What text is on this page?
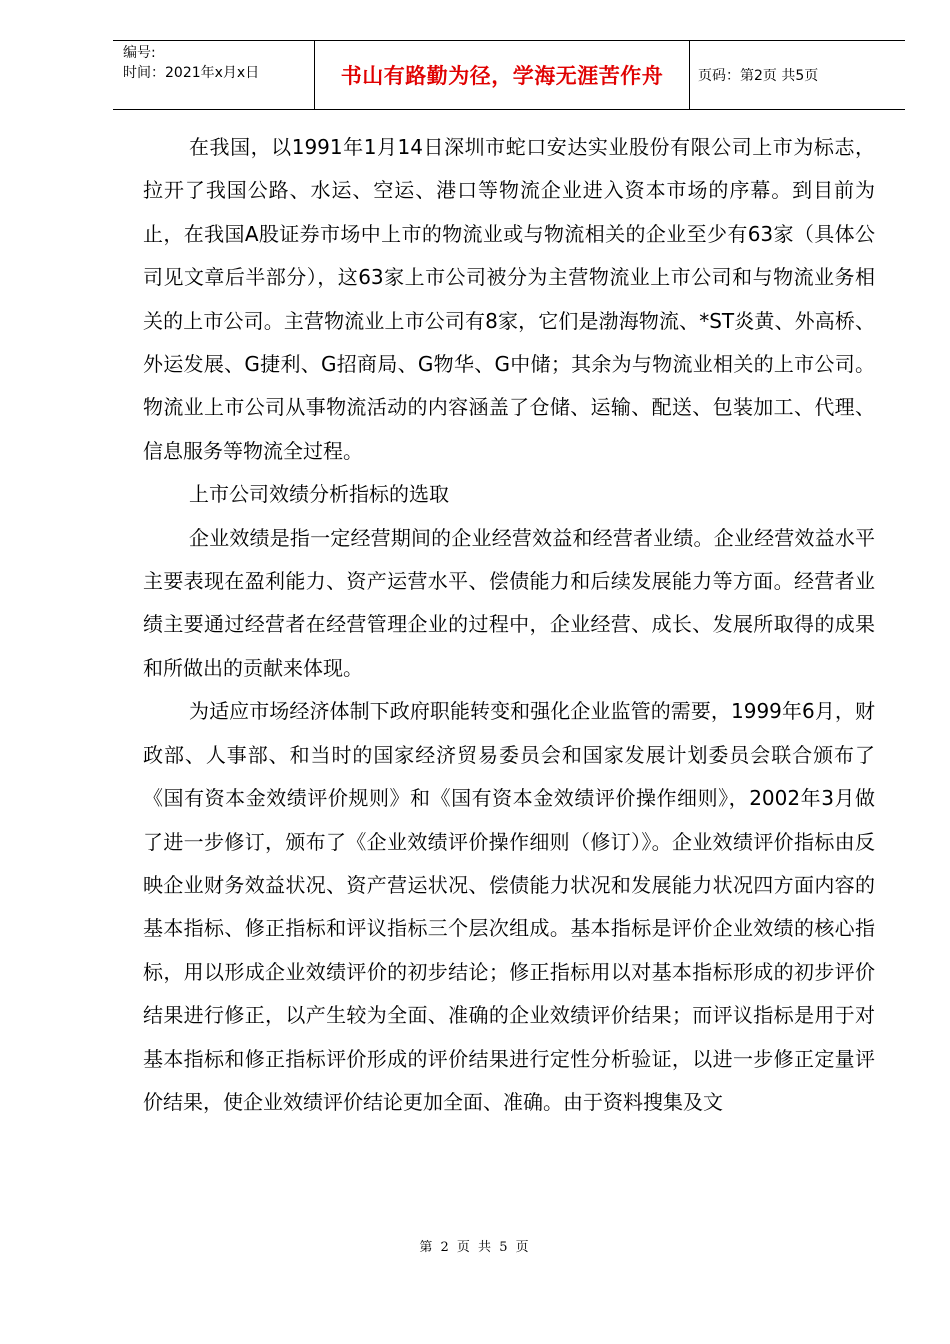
编号:
时间：2021年x月x日	书山有路勤为径，学海无涯苦作舟	页码：第2页 共5页

在我国，以1991年1月14日深圳市蛇口安达实业股份有限公司上市为标志，拉开了我国公路、水运、空运、港口等物流企业进入资本市场的序幕。到目前为止，在我国A股证券市场中上市的物流业或与物流相关的企业至少有63家（具体公司见文章后半部分），这63家上市公司被分为主营物流业上市公司和与物流业务相关的上市公司。主营物流业上市公司有8家，它们是渤海物流、*ST炎黄、外高桥、外运发展、G捷利、G招商局、G物华、G中储；其余为与物流业相关的上市公司。物流业上市公司从事物流活动的内容涵盖了仓储、运输、配送、包装加工、代理、信息服务等物流全过程。

上市公司效绩分析指标的选取

企业效绩是指一定经营期间的企业经营效益和经营者业绩。企业经营效益水平主要表现在盈利能力、资产运营水平、偿债能力和后续发展能力等方面。经营者业绩主要通过经营者在经营管理企业的过程中，企业经营、成长、发展所取得的成果和所做出的贡献来体现。

为适应市场经济体制下政府职能转变和强化企业监管的需要，1999年6月，财政部、人事部、和当时的国家经济贸易委员会和国家发展计划委员会联合颁布了《国有资本金效绩评价规则》和《国有资本金效绩评价操作细则》，2002年3月做了进一步修订，颁布了《企业效绩评价操作细则（修订）》。企业效绩评价指标由反映企业财务效益状况、资产营运状况、偿债能力状况和发展能力状况四方面内容的基本指标、修正指标和评议指标三个层次组成。基本指标是评价企业效绩的核心指标，用以形成企业效绩评价的初步结论；修正指标用以对基本指标形成的初步评价结果进行修正，以产生较为全面、准确的企业效绩评价结果；而评议指标是用于对基本指标和修正指标评价形成的评价结果进行定性分析验证，以进一步修正定量评价结果，使企业效绩评价结论更加全面、准确。由于资料搜集及文

第 2 页 共 5 页
